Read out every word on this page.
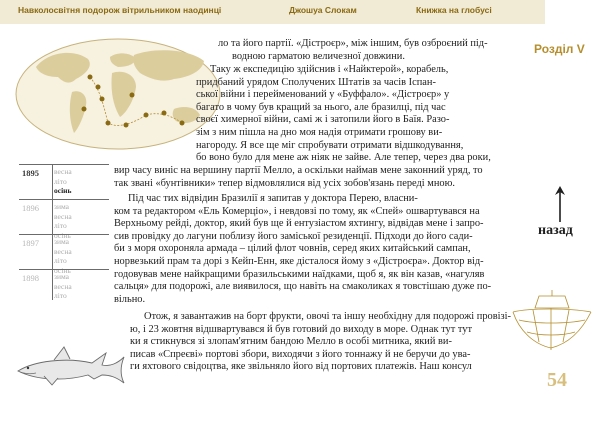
Навколосвітня подорож вітрильником наодинці	Джошуа Слокам	Книжка на глобусі
Розділ V
1895 весна
літо
осінь
1896 зима
весна
літо
осінь
1897 зима
весна
літо
осінь
1898 зима
весна
літо

ло та його партії. «Дістроєр», між іншим, був озброєний під-

водною гарматою величезної довжини.

Таку ж експедицію здійснив і «Найктерой», корабель,

придбаний урядом Сполучених Штатів за часів Іспан-

ської війни і перейменований у «Буффало». «Дістроєр» у

багато в чому був кращий за нього, але бразилці, під час

своєї химерної війни, самі ж і затопили його в Баїя. Разо-

зім з ним пішла на дно моя надія отримати грошову ви-

нагороду. Я все ще міг спробувати отримати відшкодування,

бо воно було для мене аж ніяк не зайве. Але тепер, через два роки,

вир часу виніс на вершину партії Мелло, а оскільки наймав мене законний уряд, то

так звані «бунтівники» тепер відмовлялися від усіх зобов'язань переді мною.

Під час тих відвідин Бразилії я запитав у доктора Перею, власни-

ком та редактором «Ель Комерціо», і невдовзі по тому, як «Спей» ошвартувався на

Верхньому рейді, доктор, який був ще й ентузіастом яхтингу, відвідав мене і запро-

сив провідку до лагуни поблизу його заміської резиденції. Підходи до його сади-

би з моря охороняла армада – цілий флот човнів, серед яких китайський сампан,

норвезький прам та дорі з Кейп-Енн, яке дісталося йому з «Дістроєра». Доктор від-

годовував мене найкращими бразильськими наїдками, щоб я, як він казав, «нагуляв

сальця» для подорожі, але виявилося, що навіть на смаколиках я товстішаю дуже по-

вільно.

Отож, я завантажив на борт фрукти, овочі та іншу необхідну для подорожі провізі-

ю, і 23 жовтня відшвартувався й був готовий до виходу в море. Однак тут тут

ки я стикнувся зі злопам'ятним бандою Мелло в особі митника, який ви-

писав «Спреєві» портові збори, виходячи з його тоннажу й не беручи до ува-

ги яхтового свідоцтва, яке звільняло його від портових платежів. Наш консул

назад
54
